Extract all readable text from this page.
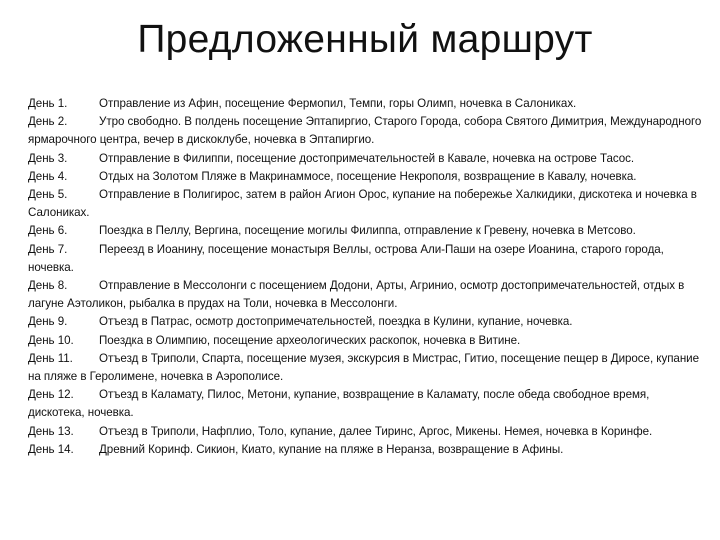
Предложенный маршрут

День 1.	Отправление из Афин, посещение Фермопил, Темпи, горы Олимп, ночевка в Салониках.

День 2.	Утро свободно. В полдень посещение Эптапиргио, Старого Города, собора Святого Димитрия, Международного ярмарочного центра, вечер в дискоклубе, ночевка в Эптапиргио.

День 3.	Отправление в Филиппи, посещение достопримечательностей в Кавале, ночевка на острове Тасос.

День 4.	Отдых на Золотом Пляже в Макринаммосе, посещение Некрополя, возвращение в Кавалу, ночевка.

День 5.	Отправление в Полигирос, затем в район Агион Орос, купание на побережье Халкидики, дискотека и ночевка в Салониках.

День 6.	Поездка в Пеллу, Вергина, посещение могилы Филиппа, отправление к Гревену, ночевка в Метсово.

День 7.	Переезд в Иоанину, посещение монастыря Веллы, острова Али-Паши на озере Иоанина, старого города, ночевка.

День 8.	Отправление в Мессолонги с посещением Додони, Арты, Агринио, осмотр достопримечательностей, отдых в лагуне Аэтоликон, рыбалка в прудах на Толи, ночевка в Мессолонги.

День 9.	Отъезд в Патрас, осмотр достопримечательностей, поездка в Кулини, купание, ночевка.

День 10. Поездка в Олимпию, посещение археологических раскопок, ночевка в Витине.

День 11. Отъезд в Триполи, Спарта, посещение музея, экскурсия в Мистрас, Гитио, посещение пещер в Диросе, купание на пляже в Геролимене, ночевка в Аэрополисе.

День 12. Отъезд в Каламату, Пилос, Метони, купание, возвращение в Каламату, после обеда свободное время, дискотека, ночевка.

День 13. Отъезд в Триполи, Нафплио, Толо, купание, далее Тиринс, Аргос, Микены. Немея, ночевка в Коринфе.

День 14. Древний Коринф. Сикион, Киато, купание на пляже в Неранза, возвращение в Афины.
